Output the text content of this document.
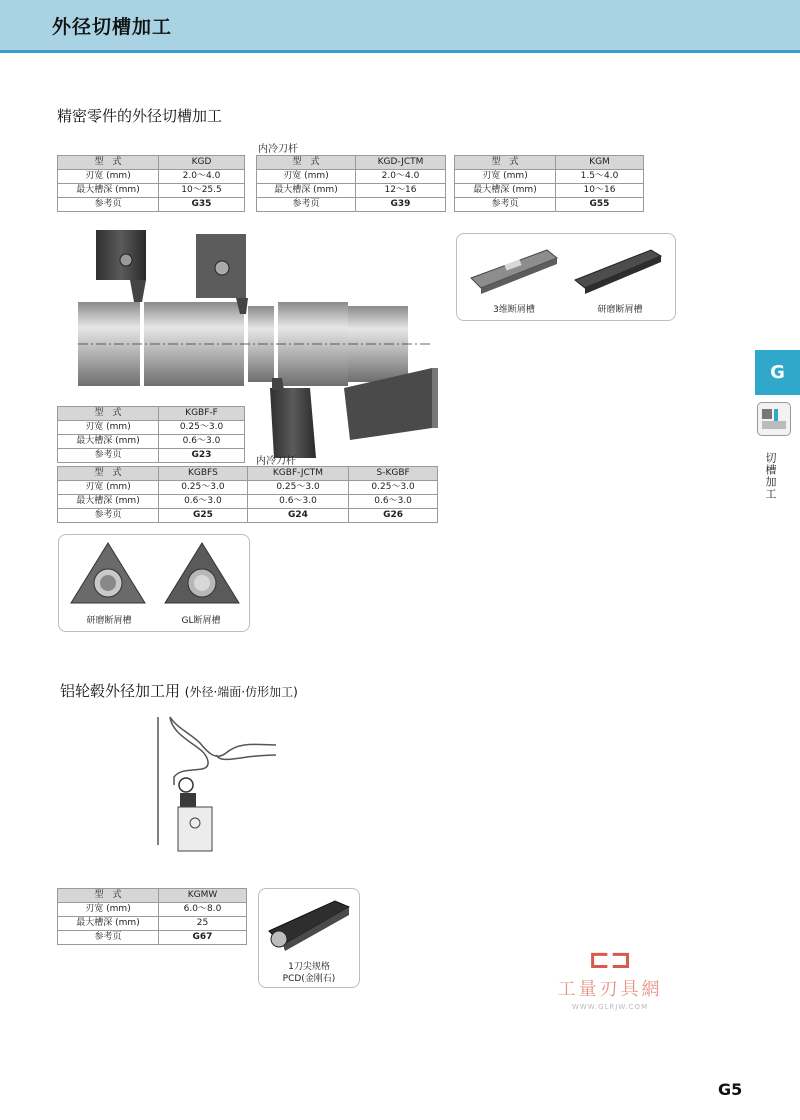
外径切槽加工
精密零件的外径切槽加工
内冷刀杆
型　式	KGD
刃宽 (mm)	2.0～4.0
最大槽深 (mm)	10～25.5
参考页	G35
型　式	KGD-JCTM
刃宽 (mm)	2.0～4.0
最大槽深 (mm)	12～16
参考页	G39
型　式	KGM
刃宽 (mm)	1.5～4.0
最大槽深 (mm)	10～16
参考页	G55
3维断屑槽	研磨断屑槽
型　式	KGBF-F
刃宽 (mm)	0.25～3.0
最大槽深 (mm)	0.6～3.0
参考页	G23
内冷刀杆
型　式	KGBFS	KGBF-JCTM	S-KGBF
刃宽 (mm)	0.25～3.0	0.25～3.0	0.25～3.0
最大槽深 (mm)	0.6～3.0	0.6～3.0	0.6～3.0
参考页	G25	G24	G26
研磨断屑槽	GL断屑槽
铝轮毂外径加工用 (外径·端面·仿形加工)
型　式	KGMW
刃宽 (mm)	6.0～8.0
最大槽深 (mm)	25
参考页	G67
1刀尖规格
PCD(金刚石)
⊏⊐
工量刃具網
WWW.GLRJW.COM
G
切槽加工
G5
